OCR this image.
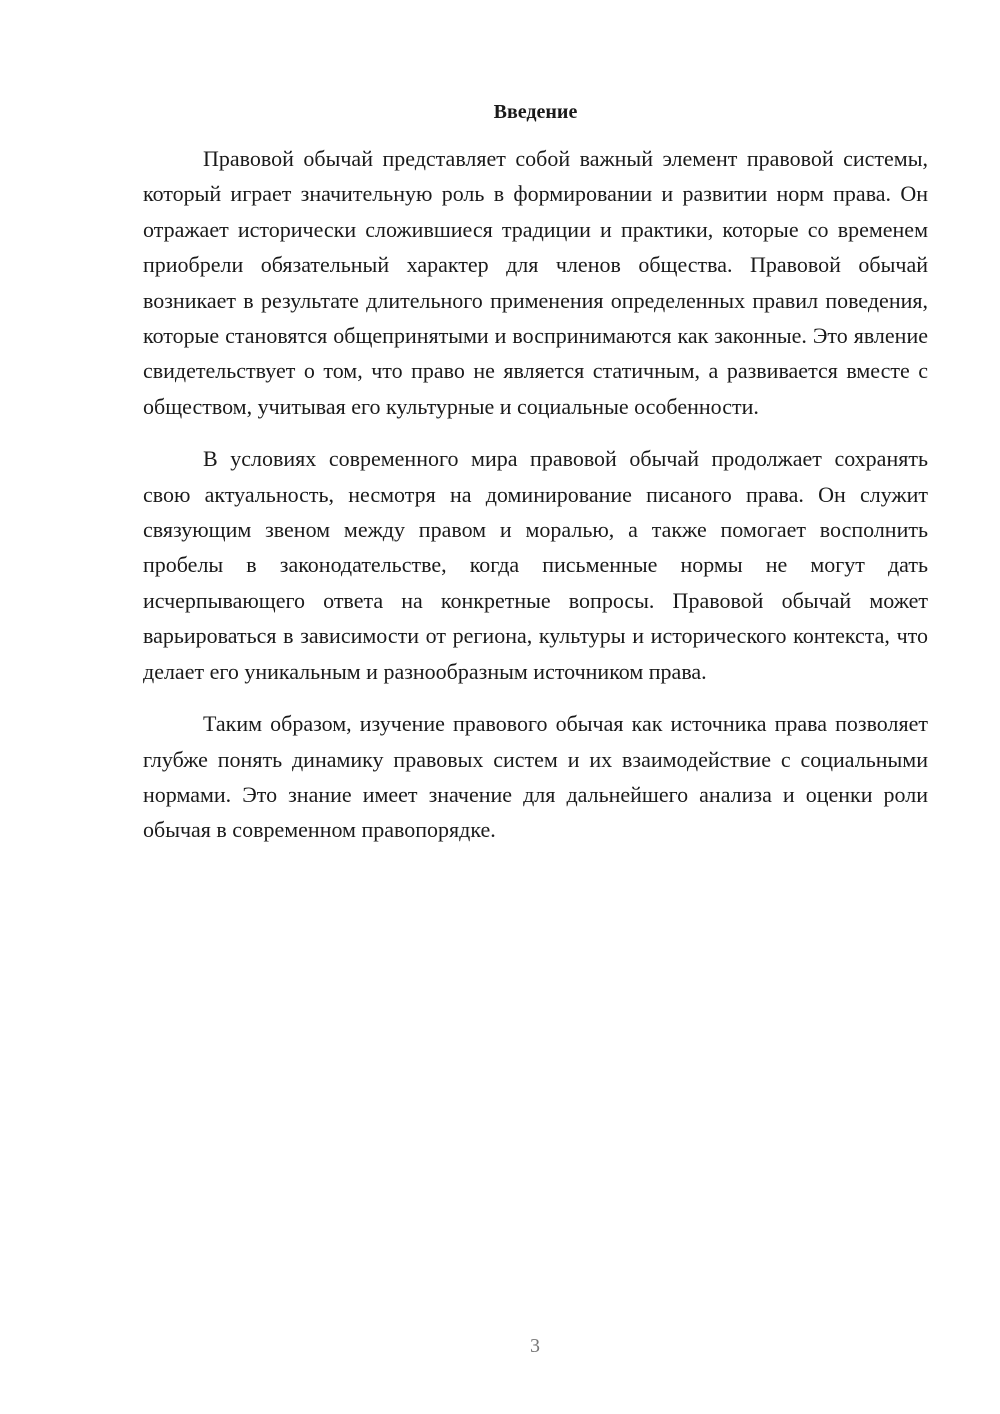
Введение

Правовой обычай представляет собой важный элемент правовой системы, который играет значительную роль в формировании и развитии норм права. Он отражает исторически сложившиеся традиции и практики, которые со временем приобрели обязательный характер для членов общества. Правовой обычай возникает в результате длительного применения определенных правил поведения, которые становятся общепринятыми и воспринимаются как законные. Это явление свидетельствует о том, что право не является статичным, а развивается вместе с обществом, учитывая его культурные и социальные особенности.

В условиях современного мира правовой обычай продолжает сохранять свою актуальность, несмотря на доминирование писаного права. Он служит связующим звеном между правом и моралью, а также помогает восполнить пробелы в законодательстве, когда письменные нормы не могут дать исчерпывающего ответа на конкретные вопросы. Правовой обычай может варьироваться в зависимости от региона, культуры и исторического контекста, что делает его уникальным и разнообразным источником права.

Таким образом, изучение правового обычая как источника права позволяет глубже понять динамику правовых систем и их взаимодействие с социальными нормами. Это знание имеет значение для дальнейшего анализа и оценки роли обычая в современном правопорядке.

3
